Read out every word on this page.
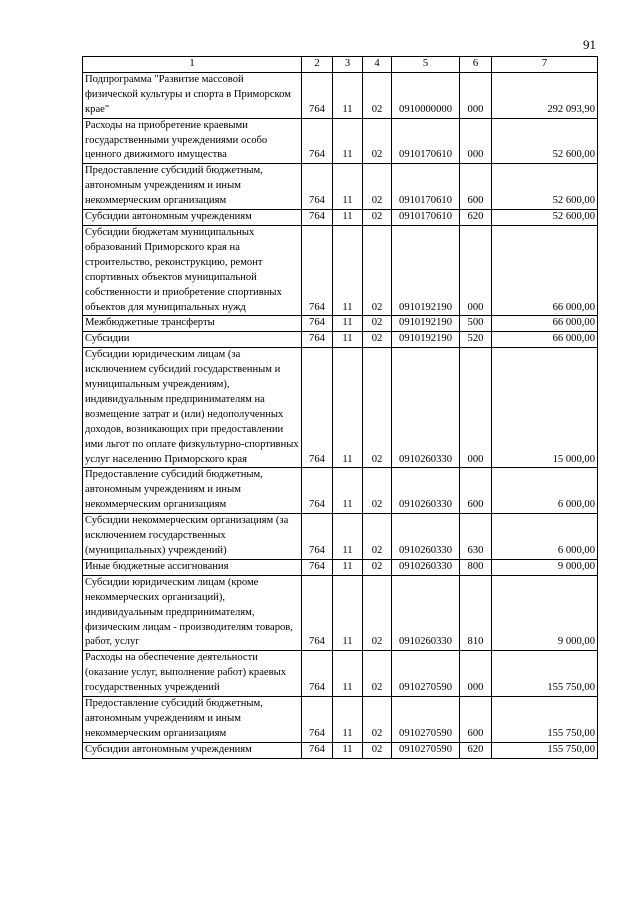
91
1	2	3	4	5	6	7
Подпрограмма "Развитие массовой физической культуры и спорта в Приморском крае"	764	11	02	0910000000	000	292 093,90
Расходы на приобретение краевыми государственными учреждениями особо ценного движимого имущества	764	11	02	0910170610	000	52 600,00
Предоставление субсидий бюджетным, автономным учреждениям и иным некоммерческим организациям	764	11	02	0910170610	600	52 600,00
Субсидии автономным учреждениям	764	11	02	0910170610	620	52 600,00
Субсидии бюджетам муниципальных образований Приморского края на строительство, реконструкцию, ремонт спортивных объектов муниципальной собственности и приобретение спортивных объектов для муниципальных нужд	764	11	02	0910192190	000	66 000,00
Межбюджетные трансферты	764	11	02	0910192190	500	66 000,00
Субсидии	764	11	02	0910192190	520	66 000,00
Субсидии юридическим лицам (за исключением субсидий государственным и муниципальным учреждениям), индивидуальным предпринимателям на возмещение затрат и (или) недополученных доходов, возникающих при предоставлении ими льгот по оплате физкультурно-спортивных услуг населению Приморского края	764	11	02	0910260330	000	15 000,00
Предоставление субсидий бюджетным, автономным учреждениям и иным некоммерческим организациям	764	11	02	0910260330	600	6 000,00
Субсидии некоммерческим организациям (за исключением государственных (муниципальных) учреждений)	764	11	02	0910260330	630	6 000,00
Иные бюджетные ассигнования	764	11	02	0910260330	800	9 000,00
Субсидии юридическим лицам (кроме некоммерческих организаций), индивидуальным предпринимателям, физическим лицам - производителям товаров, работ, услуг	764	11	02	0910260330	810	9 000,00
Расходы на обеспечение деятельности (оказание услуг, выполнение работ) краевых государственных учреждений	764	11	02	0910270590	000	155 750,00
Предоставление субсидий бюджетным, автономным учреждениям и иным некоммерческим организациям	764	11	02	0910270590	600	155 750,00
Субсидии автономным учреждениям	764	11	02	0910270590	620	155 750,00
